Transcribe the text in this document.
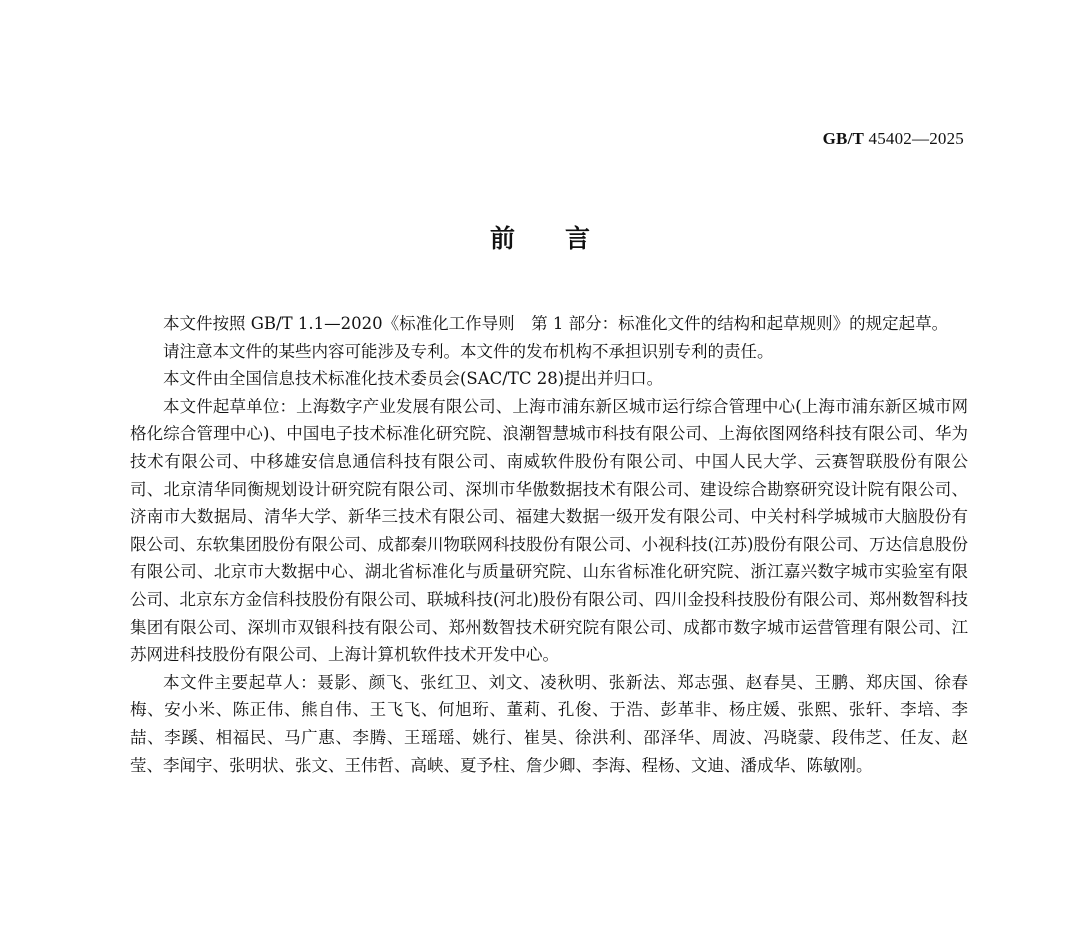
GB/T 45402—2025
前　　言

本文件按照 GB/T 1.1—2020《标准化工作导则　第 1 部分：标准化文件的结构和起草规则》的规定起草。

请注意本文件的某些内容可能涉及专利。本文件的发布机构不承担识别专利的责任。

本文件由全国信息技术标准化技术委员会(SAC/TC 28)提出并归口。

本文件起草单位：上海数字产业发展有限公司、上海市浦东新区城市运行综合管理中心(上海市浦东新区城市网格化综合管理中心)、中国电子技术标准化研究院、浪潮智慧城市科技有限公司、上海依图网络科技有限公司、华为技术有限公司、中移雄安信息通信科技有限公司、南威软件股份有限公司、中国人民大学、云赛智联股份有限公司、北京清华同衡规划设计研究院有限公司、深圳市华傲数据技术有限公司、建设综合勘察研究设计院有限公司、济南市大数据局、清华大学、新华三技术有限公司、福建大数据一级开发有限公司、中关村科学城城市大脑股份有限公司、东软集团股份有限公司、成都秦川物联网科技股份有限公司、小视科技(江苏)股份有限公司、万达信息股份有限公司、北京市大数据中心、湖北省标准化与质量研究院、山东省标准化研究院、浙江嘉兴数字城市实验室有限公司、北京东方金信科技股份有限公司、联城科技(河北)股份有限公司、四川金投科技股份有限公司、郑州数智科技集团有限公司、深圳市双银科技有限公司、郑州数智技术研究院有限公司、成都市数字城市运营管理有限公司、江苏网进科技股份有限公司、上海计算机软件技术开发中心。

本文件主要起草人：聂影、颜飞、张红卫、刘文、凌秋明、张新法、郑志强、赵春昊、王鹏、郑庆国、徐春梅、安小米、陈正伟、熊自伟、王飞飞、何旭珩、董莉、孔俊、于浩、彭革非、杨庄媛、张熙、张轩、李培、李喆、李蹊、相福民、马广惠、李腾、王瑶瑶、姚行、崔昊、徐洪利、邵泽华、周波、冯晓蒙、段伟芝、任友、赵莹、李闻宇、张明状、张文、王伟哲、高峡、夏予柱、詹少卿、李海、程杨、文迪、潘成华、陈敏刚。
